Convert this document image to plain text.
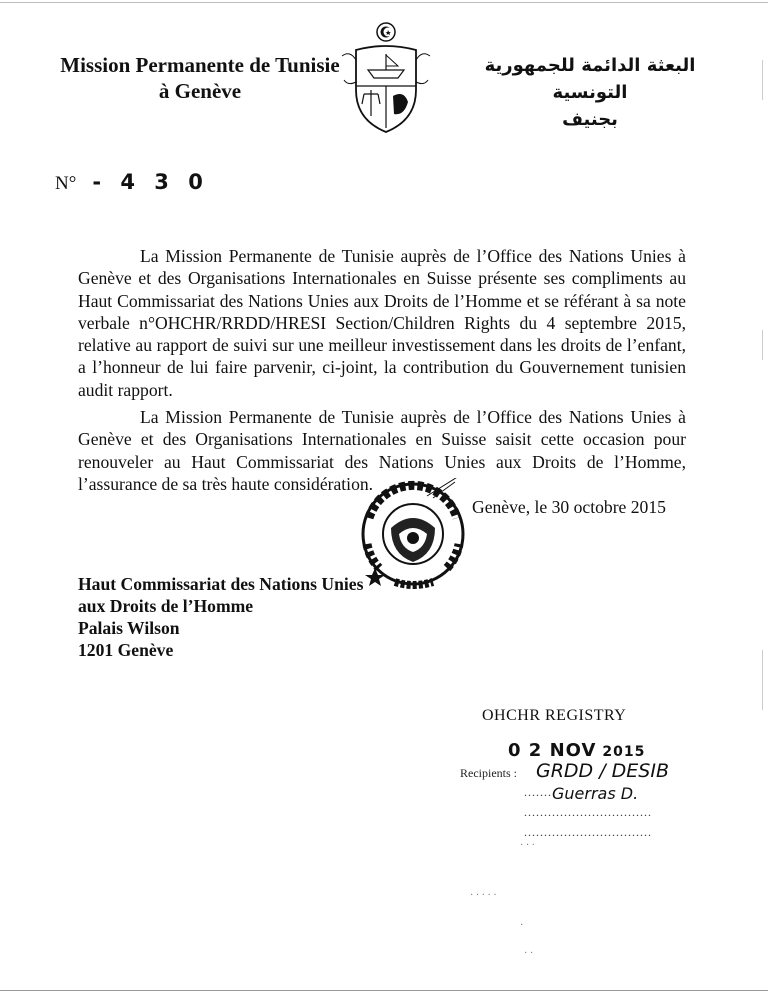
Mission Permanente de Tunisie
à Genève
البعثة الدائمة للجمهورية التونسية
بجنيف
N° - 4 3 0
La Mission Permanente de Tunisie auprès de l’Office des Nations Unies à Genève et des Organisations Internationales en Suisse présente ses compliments au Haut Commissariat des Nations Unies aux Droits de l’Homme et se référant à sa note verbale n°OHCHR/RRDD/HRESI Section/Children Rights du 4 septembre 2015, relative au rapport de suivi sur une meilleur investissement dans les droits de l’enfant, a l’honneur de lui faire parvenir, ci-joint, la contribution du Gouvernement tunisien audit rapport.
La Mission Permanente de Tunisie auprès de l’Office des Nations Unies à Genève et des Organisations Internationales en Suisse saisit cette occasion pour renouveler au Haut Commissariat des Nations Unies aux Droits de l’Homme, l’assurance de sa très haute considération.
Genève, le 30 octobre 2015
Haut Commissariat des Nations Unies
aux Droits de l’Homme
Palais Wilson
1201 Genève
OHCHR REGISTRY
0 2 NOV 2015
Recipients : GRDD / DESIB
Guerras D.
.......
................................
................................
· · ·
· · · · ·
·
· ·
